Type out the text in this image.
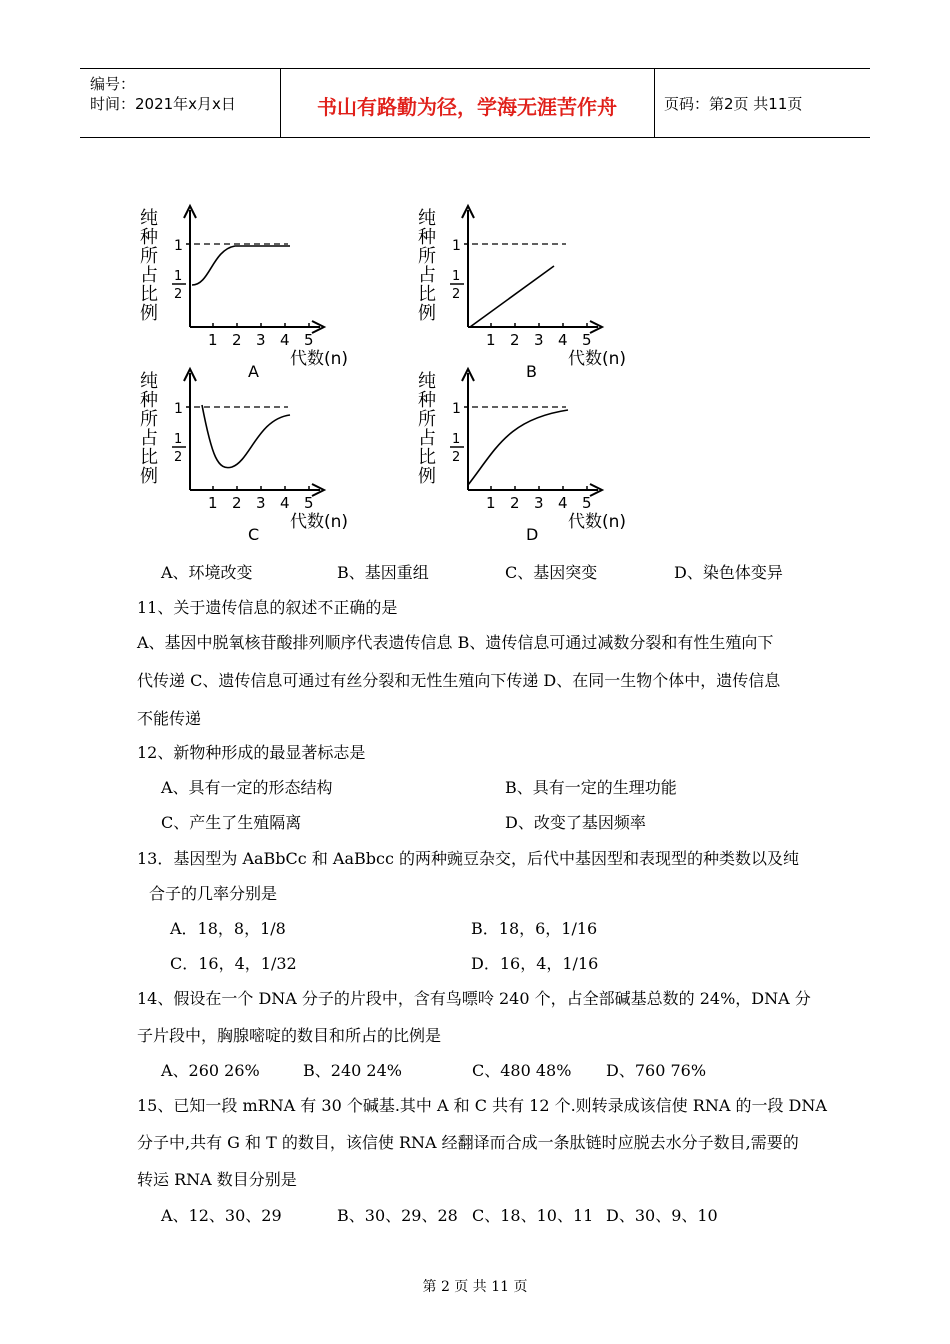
编号：
时间：2021年x月x日	书山有路勤为径，学海无涯苦作舟	页码：第2页 共11页
纯
种
所
占
比
例
1
1
2
1 2 3 4 5
代数(n)
A
纯
种
所
占
比
例
1
1
2
1 2 3 4 5
代数(n)
B
纯
种
所
占
比
例
1
1
2
1 2 3 4 5
代数(n)
C
纯
种
所
占
比
例
1
1
2
1 2 3 4 5
代数(n)
D
A、环境改变	B、基因重组	C、基因突变	D、染色体变异
11、关于遗传信息的叙述不正确的是
A、基因中脱氧核苷酸排列顺序代表遗传信息 B、遗传信息可通过减数分裂和有性生殖向下
代传递 C、遗传信息可通过有丝分裂和无性生殖向下传递 D、在同一生物个体中，遗传信息
不能传递
12、新物种形成的最显著标志是
A、具有一定的形态结构	B、具有一定的生理功能
C、产生了生殖隔离	D、改变了基因频率
13．基因型为 AaBbCc 和 AaBbcc 的两种豌豆杂交，后代中基因型和表现型的种类数以及纯
合子的几率分别是
A．18，8，1/8	B．18，6，1/16
C．16，4，1/32	D．16，4，1/16
14、假设在一个 DNA 分子的片段中，含有鸟嘌呤 240 个，占全部碱基总数的 24%，DNA 分
子片段中，胸腺嘧啶的数目和所占的比例是
A、260 26%	B、240 24%	C、480 48% D、760 76%
15、已知一段 mRNA 有 30 个碱基.其中 A 和 C 共有 12 个.则转录成该信使 RNA 的一段 DNA
分子中,共有 G 和 T 的数目，该信使 RNA 经翻译而合成一条肽链时应脱去水分子数目,需要的
转运 RNA 数目分别是
A、12、30、29	B、30、29、28 C、18、10、11 D、30、9、10
第 2 页 共 11 页
